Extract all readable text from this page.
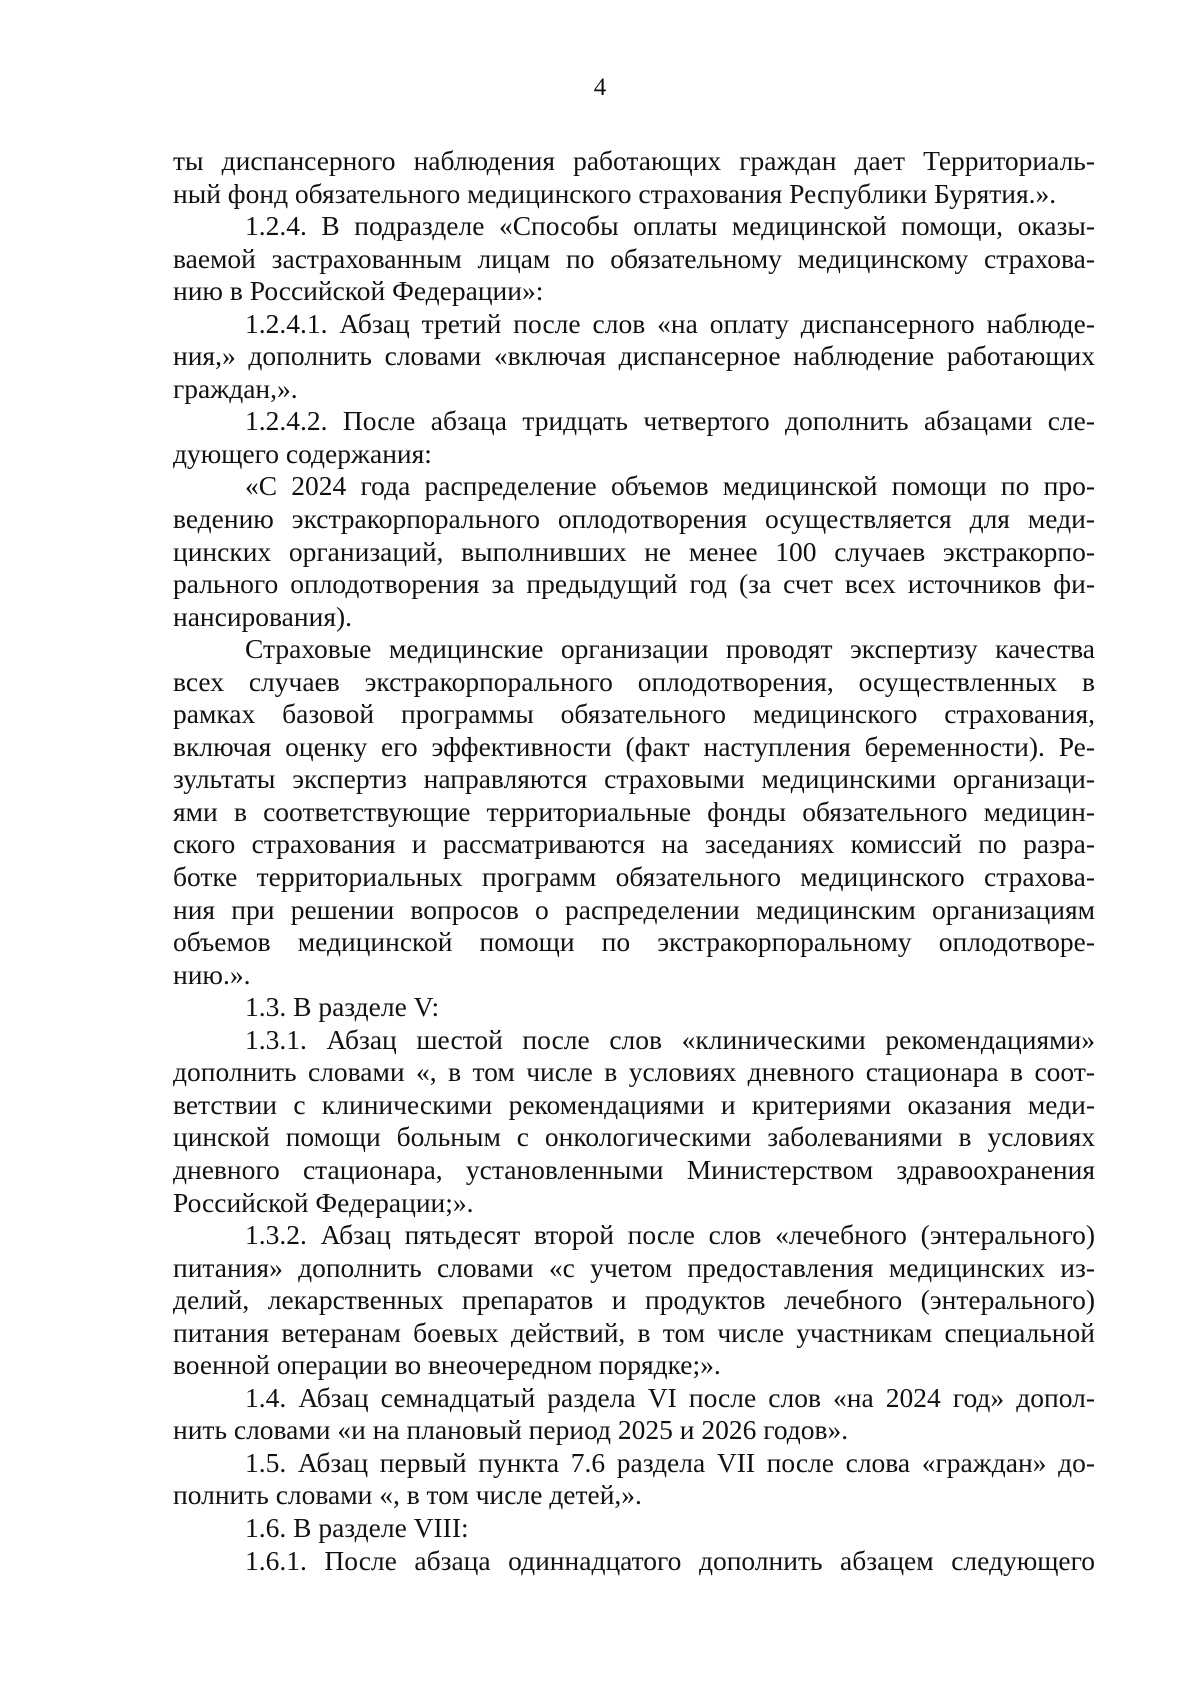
4
ты диспансерного наблюдения работающих граждан дает Территориаль-
ный фонд обязательного медицинского страхования Республики Бурятия.».
1.2.4. В подразделе «Способы оплаты медицинской помощи, оказы-
ваемой застрахованным лицам по обязательному медицинскому страхова-
нию в Российской Федерации»:
1.2.4.1. Абзац третий после слов «на оплату диспансерного наблюде-
ния,» дополнить словами «включая диспансерное наблюдение работающих
граждан,».
1.2.4.2. После абзаца тридцать четвертого дополнить абзацами сле-
дующего содержания:
«С 2024 года распределение объемов медицинской помощи по про-
ведению экстракорпорального оплодотворения осуществляется для меди-
цинских организаций, выполнивших не менее 100 случаев экстракорпо-
рального оплодотворения за предыдущий год (за счет всех источников фи-
нансирования).
Страховые медицинские организации проводят экспертизу качества
всех случаев экстракорпорального оплодотворения, осуществленных в
рамках базовой программы обязательного медицинского страхования,
включая оценку его эффективности (факт наступления беременности). Ре-
зультаты экспертиз направляются страховыми медицинскими организаци-
ями в соответствующие территориальные фонды обязательного медицин-
ского страхования и рассматриваются на заседаниях комиссий по разра-
ботке территориальных программ обязательного медицинского страхова-
ния при решении вопросов о распределении медицинским организациям
объемов медицинской помощи по экстракорпоральному оплодотворе-
нию.».
1.3. В разделе V:
1.3.1. Абзац шестой после слов «клиническими рекомендациями»
дополнить словами «, в том числе в условиях дневного стационара в соот-
ветствии с клиническими рекомендациями и критериями оказания меди-
цинской помощи больным с онкологическими заболеваниями в условиях
дневного стационара, установленными Министерством здравоохранения
Российской Федерации;».
1.3.2. Абзац пятьдесят второй после слов «лечебного (энтерального)
питания» дополнить словами «с учетом предоставления медицинских из-
делий, лекарственных препаратов и продуктов лечебного (энтерального)
питания ветеранам боевых действий, в том числе участникам специальной
военной операции во внеочередном порядке;».
1.4. Абзац семнадцатый раздела VI после слов «на 2024 год» допол-
нить словами «и на плановый период 2025 и 2026 годов».
1.5. Абзац первый пункта 7.6 раздела VII после слова «граждан» до-
полнить словами «, в том числе детей,».
1.6. В разделе VIII:
1.6.1. После абзаца одиннадцатого дополнить абзацем следующего
